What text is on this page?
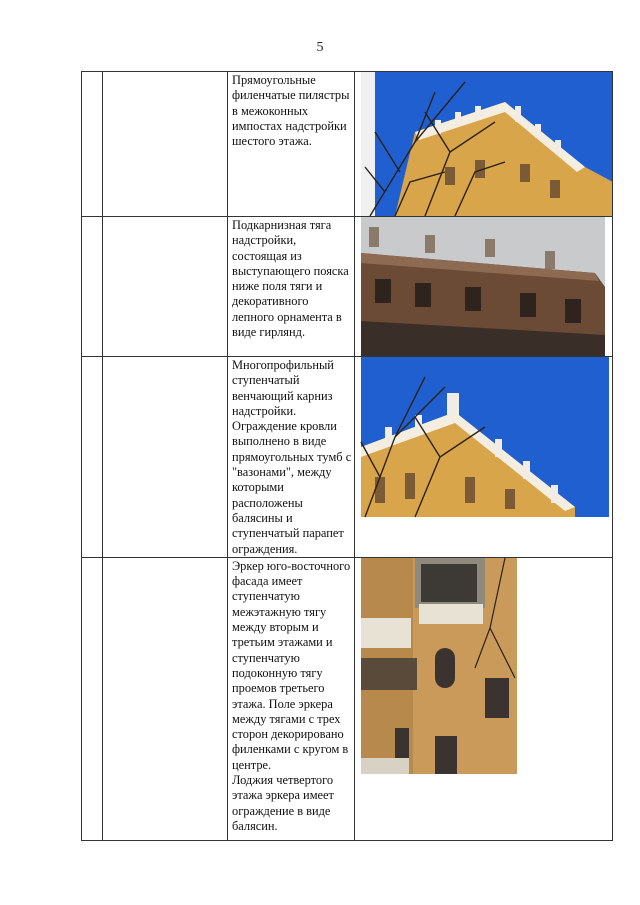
5

		Прямоугольные филенчатые пилястры в межоконных импостах надстройки шестого этажа.

		Подкарнизная тяга надстройки, состоящая из выступающего пояска ниже поля тяги и декоративного лепного орнамента в виде гирлянд.

		Многопрофильный ступенчатый венчающий карниз надстройки. Ограждение кровли выполнено в виде прямоугольных тумб с "вазонами", между которыми расположены балясины и ступенчатый парапет ограждения.

		Эркер юго-восточного фасада имеет ступенчатую межэтажную тягу между вторым и третьим этажами и ступенчатую подоконную тягу проемов третьего этажа. Поле эркера между тягами с трех сторон декорировано филенками с кругом в центре.

Лоджия четвертого этажа эркера имеет ограждение в виде балясин.
